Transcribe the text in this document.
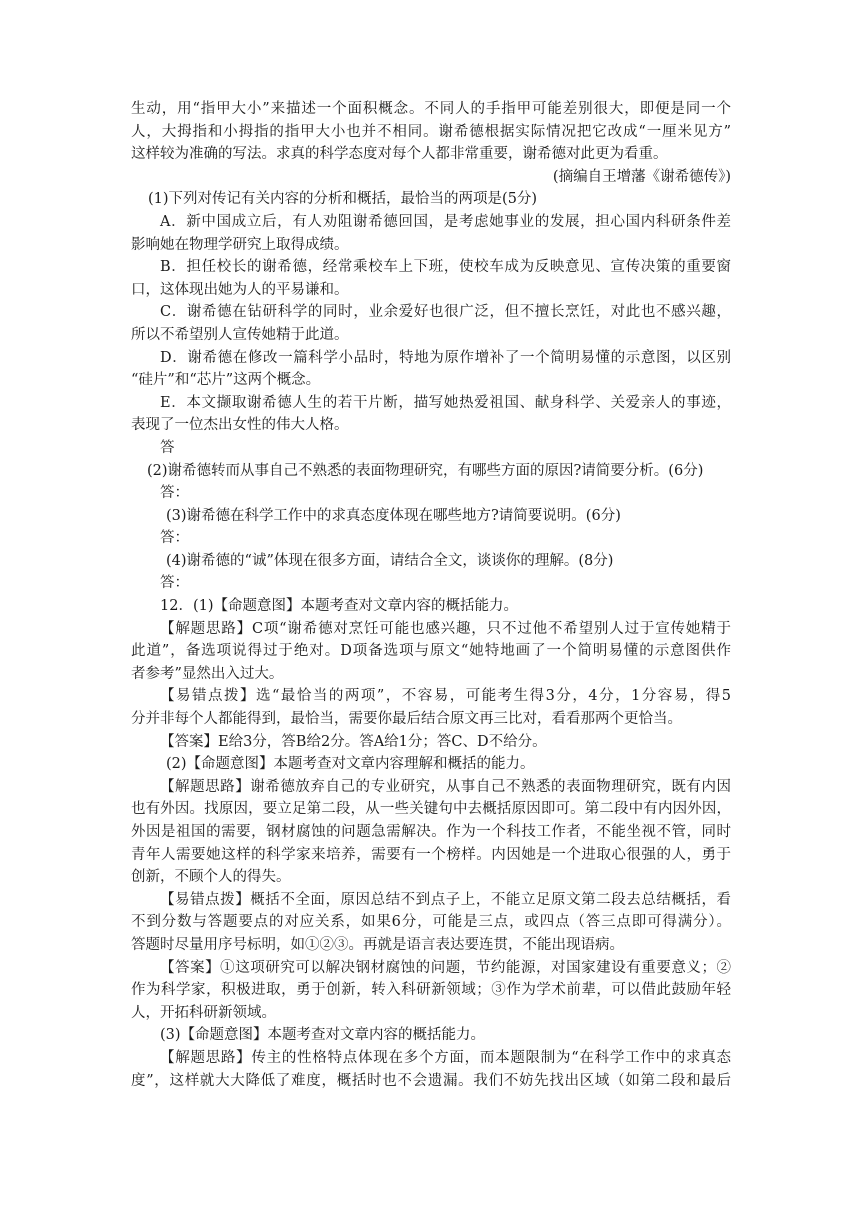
生动，用“指甲大小”来描述一个面积概念。不同人的手指甲可能差别很大，即便是同一个
人，大拇指和小拇指的指甲大小也并不相同。谢希德根据实际情况把它改成“一厘米见方”
这样较为准确的写法。求真的科学态度对每个人都非常重要，谢希德对此更为看重。
(摘编自王增藩《谢希德传》)
(1)下列对传记有关内容的分析和概括，最恰当的两项是(5分)
A．新中国成立后，有人劝阻谢希德回国，是考虑她事业的发展，担心国内科研条件差
影响她在物理学研究上取得成绩。
B．担任校长的谢希德，经常乘校车上下班，使校车成为反映意见、宣传决策的重要窗
口，这体现出她为人的平易谦和。
C．谢希德在钻研科学的同时，业余爱好也很广泛，但不擅长烹饪，对此也不感兴趣，
所以不希望别人宣传她精于此道。
D．谢希德在修改一篇科学小品时，特地为原作增补了一个简明易懂的示意图，以区别
“硅片”和“芯片”这两个概念。
E．本文撷取谢希德人生的若干片断，描写她热爱祖国、献身科学、关爱亲人的事迹，
表现了一位杰出女性的伟大人格。
答
(2)谢希德转而从事自己不熟悉的表面物理研究，有哪些方面的原因?请简要分析。(6分)
答：
(3)谢希德在科学工作中的求真态度体现在哪些地方?请简要说明。(6分)
答：
(4)谢希德的“诚”体现在很多方面，请结合全文，谈谈你的理解。(8分)
答：
12．(1)【命题意图】本题考查对文章内容的概括能力。
【解题思路】C项“谢希德对烹饪可能也感兴趣，只不过他不希望别人过于宣传她精于
此道”，备选项说得过于绝对。D项备选项与原文“她特地画了一个简明易懂的示意图供作
者参考”显然出入过大。
【易错点拨】选“最恰当的两项”，不容易，可能考生得3分，4分，1分容易，得5
分并非每个人都能得到，最恰当，需要你最后结合原文再三比对，看看那两个更恰当。
【答案】E给3分，答B给2分。答A给1分；答C、D不给分。
(2)【命题意图】本题考查对文章内容理解和概括的能力。
【解题思路】谢希德放弃自己的专业研究，从事自己不熟悉的表面物理研究，既有内因
也有外因。找原因，要立足第二段，从一些关键句中去概括原因即可。第二段中有内因外因，
外因是祖国的需要，钢材腐蚀的问题急需解决。作为一个科技工作者，不能坐视不管，同时
青年人需要她这样的科学家来培养，需要有一个榜样。内因她是一个进取心很强的人，勇于
创新，不顾个人的得失。
【易错点拨】概括不全面，原因总结不到点子上，不能立足原文第二段去总结概括，看
不到分数与答题要点的对应关系，如果6分，可能是三点，或四点（答三点即可得满分）。
答题时尽量用序号标明，如①②③。再就是语言表达要连贯，不能出现语病。
【答案】①这项研究可以解决钢材腐蚀的问题，节约能源，对国家建设有重要意义；②
作为科学家，积极进取，勇于创新，转入科研新领域；③作为学术前辈，可以借此鼓励年轻
人，开拓科研新领域。
(3)【命题意图】本题考查对文章内容的概括能力。
【解题思路】传主的性格特点体现在多个方面，而本题限制为“在科学工作中的求真态
度”，这样就大大降低了难度，概括时也不会遗漏。我们不妨先找出区域（如第二段和最后
